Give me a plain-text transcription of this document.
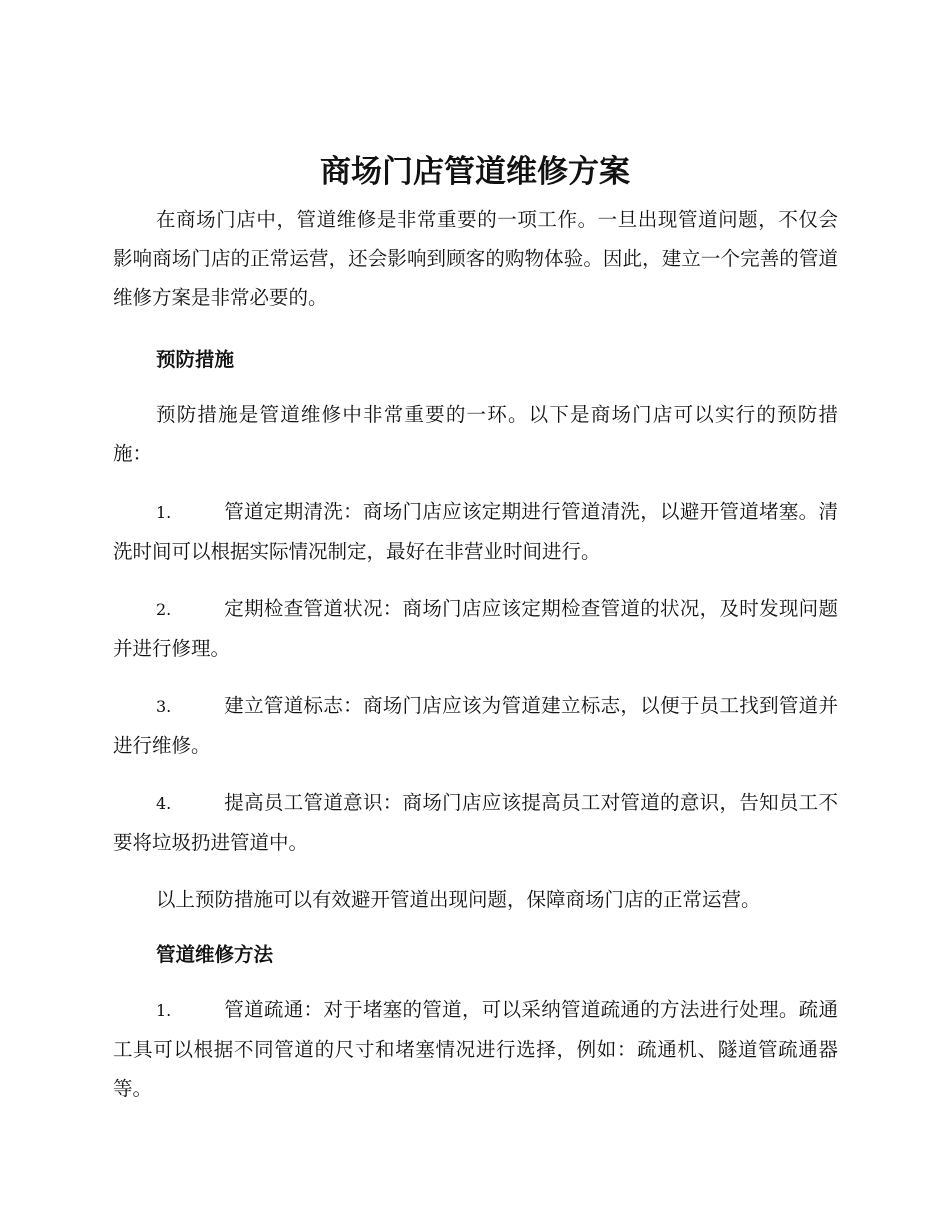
商场门店管道维修方案

在商场门店中，管道维修是非常重要的一项工作。一旦出现管道问题，不仅会影响商场门店的正常运营，还会影响到顾客的购物体验。因此，建立一个完善的管道维修方案是非常必要的。

预防措施

预防措施是管道维修中非常重要的一环。以下是商场门店可以实行的预防措施：

1.	管道定期清洗：商场门店应该定期进行管道清洗，以避开管道堵塞。清洗时间可以根据实际情况制定，最好在非营业时间进行。

2.	定期检查管道状况：商场门店应该定期检查管道的状况，及时发现问题并进行修理。

3.	建立管道标志：商场门店应该为管道建立标志，以便于员工找到管道并进行维修。

4.	提高员工管道意识：商场门店应该提高员工对管道的意识，告知员工不要将垃圾扔进管道中。

以上预防措施可以有效避开管道出现问题，保障商场门店的正常运营。

管道维修方法

1.	管道疏通：对于堵塞的管道，可以采纳管道疏通的方法进行处理。疏通工具可以根据不同管道的尺寸和堵塞情况进行选择，例如：疏通机、隧道管疏通器等。
